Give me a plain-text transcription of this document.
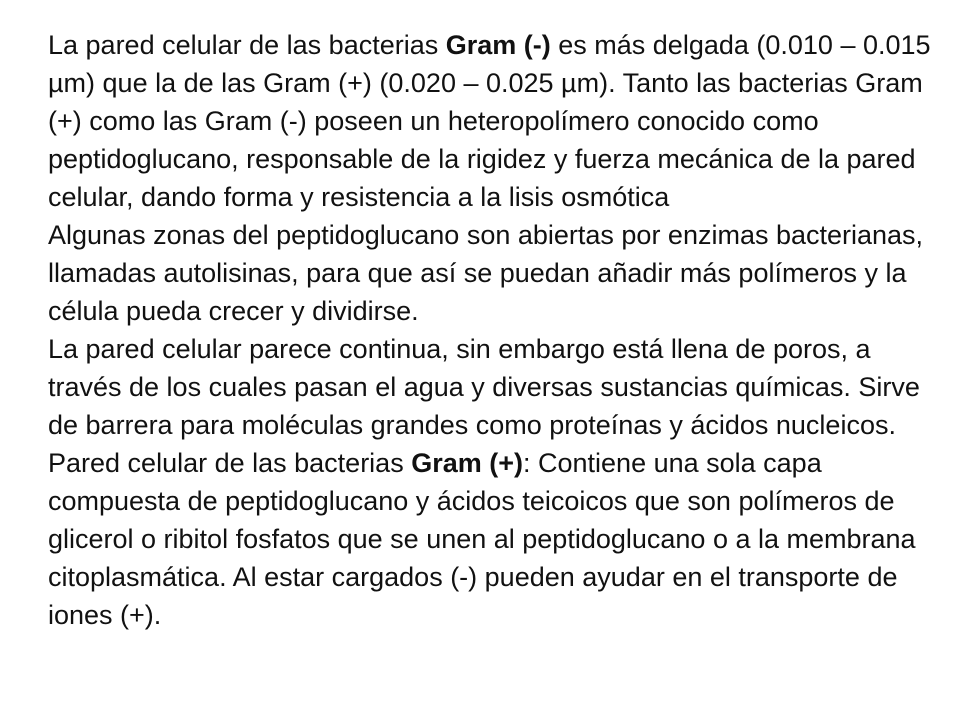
La pared celular de las bacterias Gram (-) es más delgada (0.010 – 0.015 µm) que la de las Gram (+) (0.020 – 0.025 µm). Tanto las bacterias Gram (+) como las Gram (-) poseen un heteropolímero conocido como peptidoglucano, responsable de la rigidez y fuerza mecánica de la pared celular, dando forma y resistencia a la lisis osmótica

Algunas zonas del peptidoglucano son abiertas por enzimas bacterianas, llamadas autolisinas, para que así se puedan añadir más polímeros y la célula pueda crecer y dividirse.

La pared celular parece continua, sin embargo está llena de poros, a través de los cuales pasan el agua y diversas sustancias químicas. Sirve de barrera para moléculas grandes como proteínas y ácidos nucleicos.

Pared celular de las bacterias Gram (+): Contiene una sola capa compuesta de peptidoglucano y ácidos teicoicos que son polímeros de glicerol o ribitol fosfatos que se unen al peptidoglucano o a la membrana citoplasmática. Al estar cargados (-) pueden ayudar en el transporte de iones (+).
